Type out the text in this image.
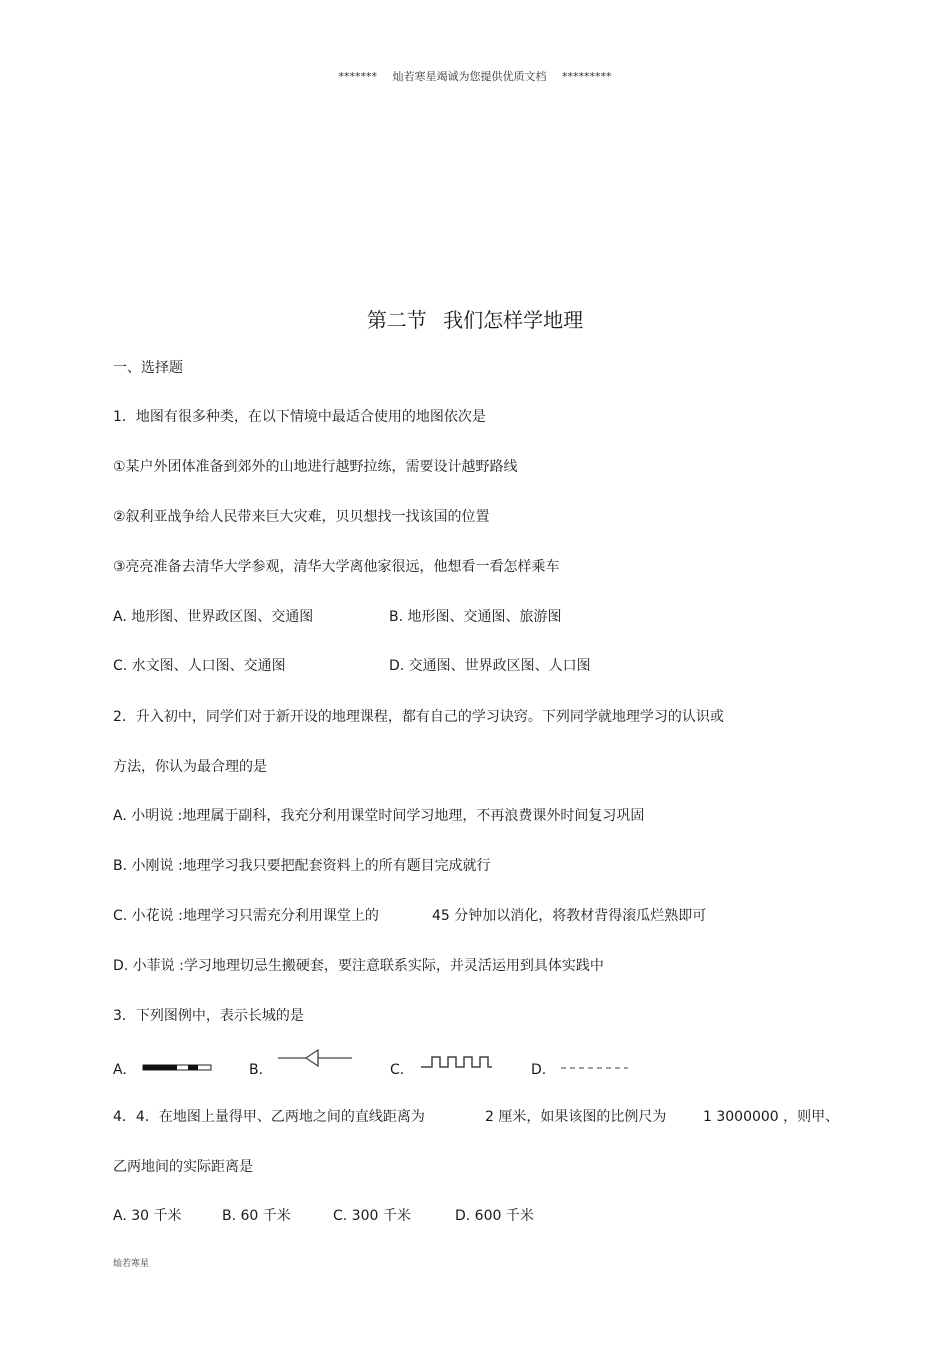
******* 灿若寒星竭诚为您提供优质文档 *********
第二节 我们怎样学地理
一、选择题
1．地图有很多种类，在以下情境中最适合使用的地图依次是
①某户外团体准备到郊外的山地进行越野拉练，需要设计越野路线
②叙利亚战争给人民带来巨大灾难，贝贝想找一找该国的位置
③亮亮准备去清华大学参观，清华大学离他家很远，他想看一看怎样乘车
A. 地形图、世界政区图、交通图	B. 地形图、交通图、旅游图
C. 水文图、人口图、交通图	D. 交通图、世界政区图、人口图
2．升入初中，同学们对于新开设的地理课程，都有自己的学习诀窍。下列同学就地理学习的认识或
方法，你认为最合理的是
A. 小明说 :地理属于副科，我充分利用课堂时间学习地理，不再浪费课外时间复习巩固
B. 小刚说 :地理学习我只要把配套资料上的所有题目完成就行
C. 小花说 :地理学习只需充分利用课堂上的	45 分钟加以消化，将教材背得滚瓜烂熟即可
D. 小菲说 :学习地理切忌生搬硬套，要注意联系实际，并灵活运用到具体实践中
3．下列图例中，表示长城的是
A.	B.	C.	D.
4．4．在地图上量得甲、乙两地之间的直线距离为	2 厘米，如果该图的比例尺为	1 3000000 ，则甲、
乙两地间的实际距离是
A. 30 千米	B. 60 千米	C. 300 千米	D. 600 千米
灿若寒星
